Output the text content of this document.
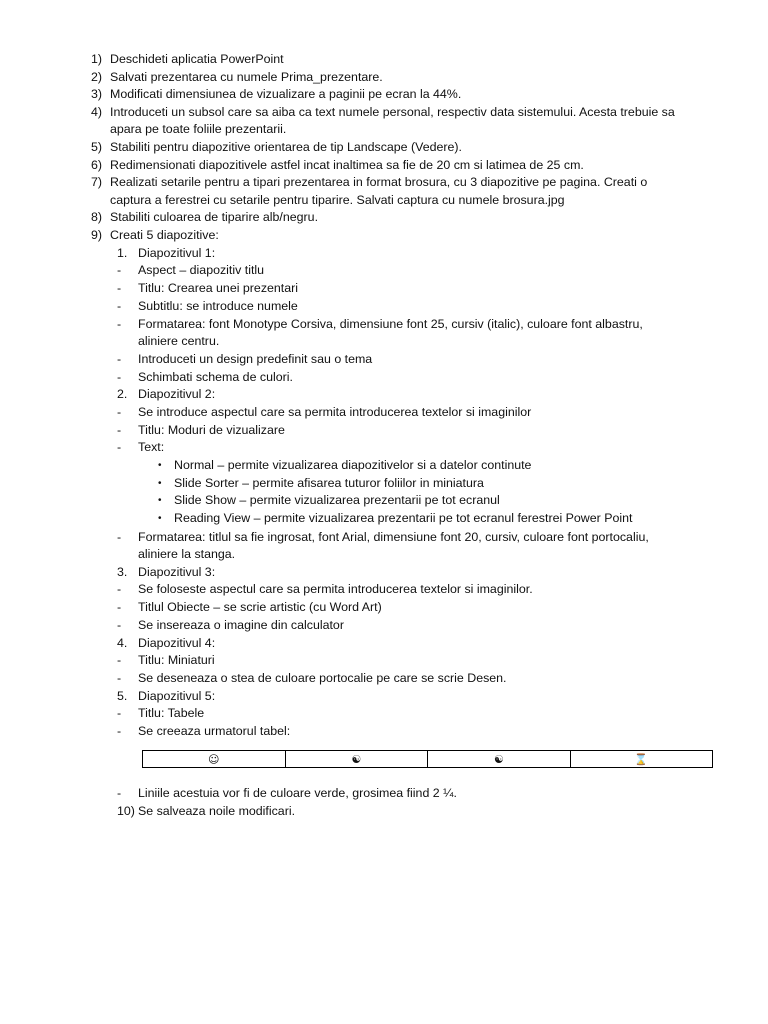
1) Deschideti aplicatia PowerPoint
2) Salvati prezentarea cu numele Prima_prezentare.
3) Modificati dimensiunea de vizualizare a paginii pe ecran la 44%.
4) Introduceti un subsol care sa aiba ca text numele personal, respectiv data sistemului. Acesta trebuie sa
apara pe toate foliile prezentarii.
5) Stabiliti pentru diapozitive orientarea de tip Landscape (Vedere).
6) Redimensionati diapozitivele astfel incat inaltimea sa fie de 20 cm si latimea de 25 cm.
7) Realizati setarile pentru a tipari prezentarea in format brosura, cu 3 diapozitive pe pagina. Creati o
captura a ferestrei cu setarile pentru tiparire. Salvati captura cu numele brosura.jpg
8) Stabiliti culoarea de tiparire alb/negru.
9) Creati 5 diapozitive:
1. Diapozitivul 1:
- Aspect – diapozitiv titlu
- Titlu: Crearea unei prezentari
- Subtitlu: se introduce numele
- Formatarea: font Monotype Corsiva, dimensiune font 25, cursiv (italic), culoare font albastru,
aliniere centru.
- Introduceti un design predefinit sau o tema
- Schimbati schema de culori.
2. Diapozitivul 2:
- Se introduce aspectul care sa permita introducerea textelor si imaginilor
- Titlu: Moduri de vizualizare
- Text:
• Normal – permite vizualizarea diapozitivelor si a datelor continute
• Slide Sorter – permite afisarea tuturor foliilor in miniatura
• Slide Show – permite vizualizarea prezentarii pe tot ecranul
• Reading View – permite vizualizarea prezentarii pe tot ecranul ferestrei Power Point
- Formatarea: titlul sa fie ingrosat, font Arial, dimensiune font 20, cursiv, culoare font portocaliu,
aliniere la stanga.
3. Diapozitivul 3:
- Se foloseste aspectul care sa permita introducerea textelor si imaginilor.
- Titlul Obiecte – se scrie artistic (cu Word Art)
- Se insereaza o imagine din calculator
4. Diapozitivul 4:
- Titlu: Miniaturi
- Se deseneaza o stea de culoare portocalie pe care se scrie Desen.
5. Diapozitivul 5:
- Titlu: Tabele
- Se creeaza urmatorul tabel:
☺	☯	☯	⌛
- Liniile acestuia vor fi de culoare verde, grosimea fiind 2 ¼.
10) Se salveaza noile modificari.
